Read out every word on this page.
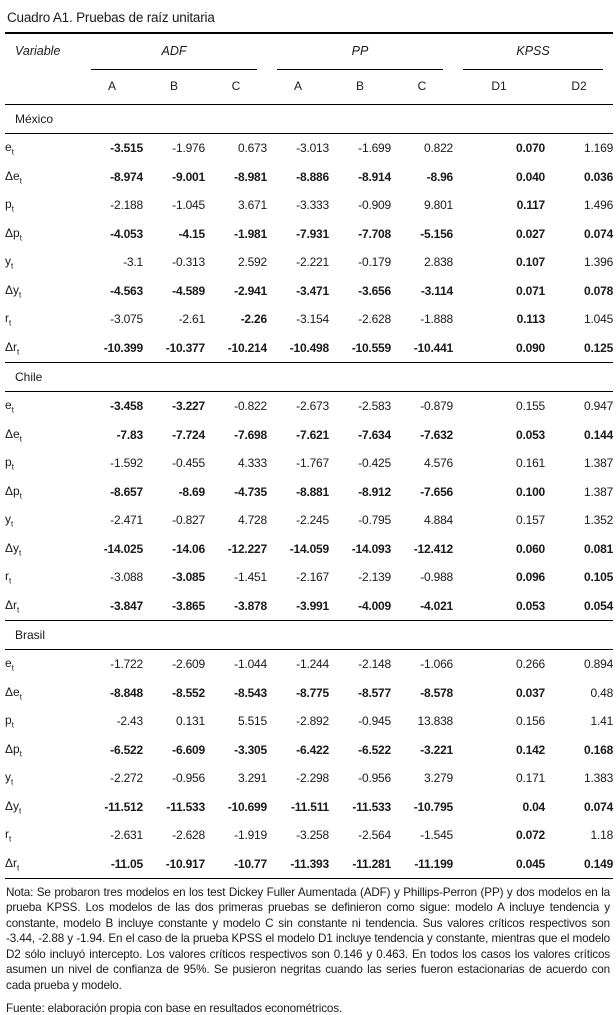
Cuadro A1. Pruebas de raíz unitaria
Variable	ADF			PP			KPSS	

	A	B	C	A	B	C	D1	D2
México								
$e_t$	-3.515	-1.976	0.673	-3.013	-1.699	0.822	0.070	1.169
$\Delta e_t$	-8.974	-9.001	-8.981	-8.886	-8.914	-8.96	0.040	0.036
$p_t$	-2.188	-1.045	3.671	-3.333	-0.909	9.801	0.117	1.496
$\Delta p_t$	-4.053	-4.15	-1.981	-7.931	-7.708	-5.156	0.027	0.074
$y_t$	-3.1	-0.313	2.592	-2.221	-0.179	2.838	0.107	1.396
$\Delta y_t$	-4.563	-4.589	-2.941	-3.471	-3.656	-3.114	0.071	0.078
$r_t$	-3.075	-2.61	-2.26	-3.154	-2.628	-1.888	0.113	1.045
$\Delta r_t$	-10.399	-10.377	-10.214	-10.498	-10.559	-10.441	0.090	0.125
Chile								
$e_t$	-3.458	-3.227	-0.822	-2.673	-2.583	-0.879	0.155	0.947
$\Delta e_t$	-7.83	-7.724	-7.698	-7.621	-7.634	-7.632	0.053	0.144
$p_t$	-1.592	-0.455	4.333	-1.767	-0.425	4.576	0.161	1.387
$\Delta p_t$	-8.657	-8.69	-4.735	-8.881	-8.912	-7.656	0.100	1.387
$y_t$	-2.471	-0.827	4.728	-2.245	-0.795	4.884	0.157	1.352
$\Delta y_t$	-14.025	-14.06	-12.227	-14.059	-14.093	-12.412	0.060	0.081
$r_t$	-3.088	-3.085	-1.451	-2.167	-2.139	-0.988	0.096	0.105
$\Delta r_t$	-3.847	-3.865	-3.878	-3.991	-4.009	-4.021	0.053	0.054
Brasil								
$e_t$	-1.722	-2.609	-1.044	-1.244	-2.148	-1.066	0.266	0.894
$\Delta e_t$	-8.848	-8.552	-8.543	-8.775	-8.577	-8.578	0.037	0.48
$p_t$	-2.43	0.131	5.515	-2.892	-0.945	13.838	0.156	1.41
$\Delta p_t$	-6.522	-6.609	-3.305	-6.422	-6.522	-3.221	0.142	0.168
$y_t$	-2.272	-0.956	3.291	-2.298	-0.956	3.279	0.171	1.383
$\Delta y_t$	-11.512	-11.533	-10.699	-11.511	-11.533	-10.795	0.04	0.074
$r_t$	-2.631	-2.628	-1.919	-3.258	-2.564	-1.545	0.072	1.18
$\Delta r_t$	-11.05	-10.917	-10.77	-11.393	-11.281	-11.199	0.045	0.149

Nota: Se probaron tres modelos en los test Dickey Fuller Aumentada (ADF) y Phillips-Perron (PP) y dos modelos en la prueba KPSS. Los modelos de las dos primeras pruebas se definieron como sigue: modelo A incluye tendencia y constante, modelo B incluye constante y modelo C sin constante ni tendencia. Sus valores críticos respectivos son -3.44, -2.88 y -1.94. En el caso de la prueba KPSS el modelo D1 incluye tendencia y constante, mientras que el modelo D2 sólo incluyó intercepto. Los valores críticos respectivos son 0.146 y 0.463. En todos los casos los valores críticos asumen un nivel de confianza de 95%. Se pusieron negritas cuando las series fueron estacionarias de acuerdo con cada prueba y modelo.

Fuente: elaboración propia con base en resultados econométricos.
